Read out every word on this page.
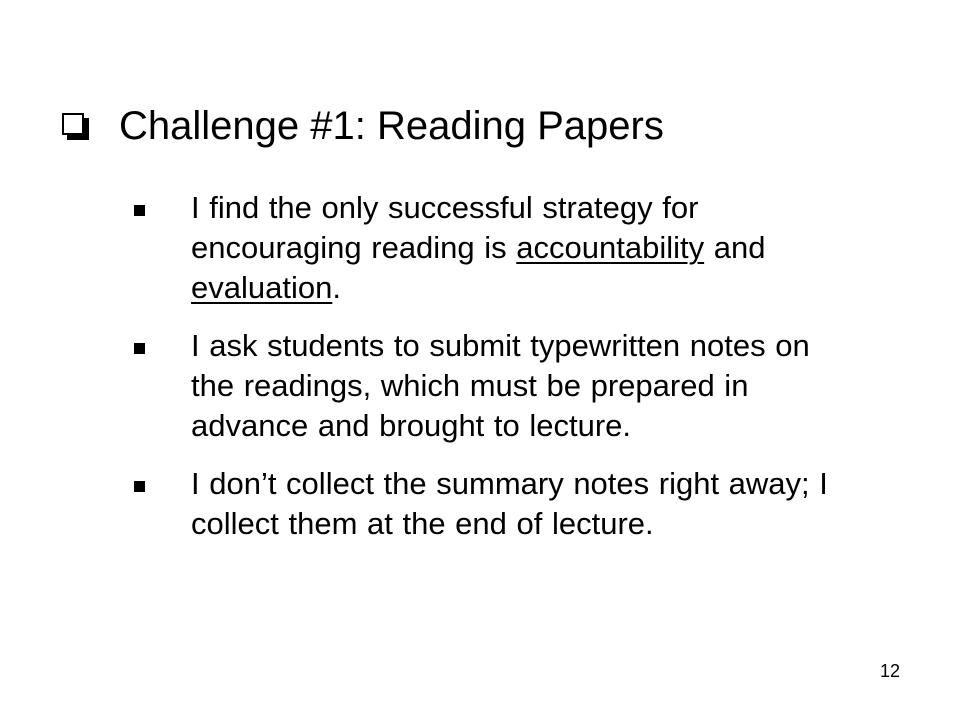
Challenge #1: Reading Papers
I find the only successful strategy for encouraging reading is accountability and evaluation.
I ask students to submit typewritten notes on the readings, which must be prepared in advance and brought to lecture.
I don’t collect the summary notes right away; I collect them at the end of lecture.
12
